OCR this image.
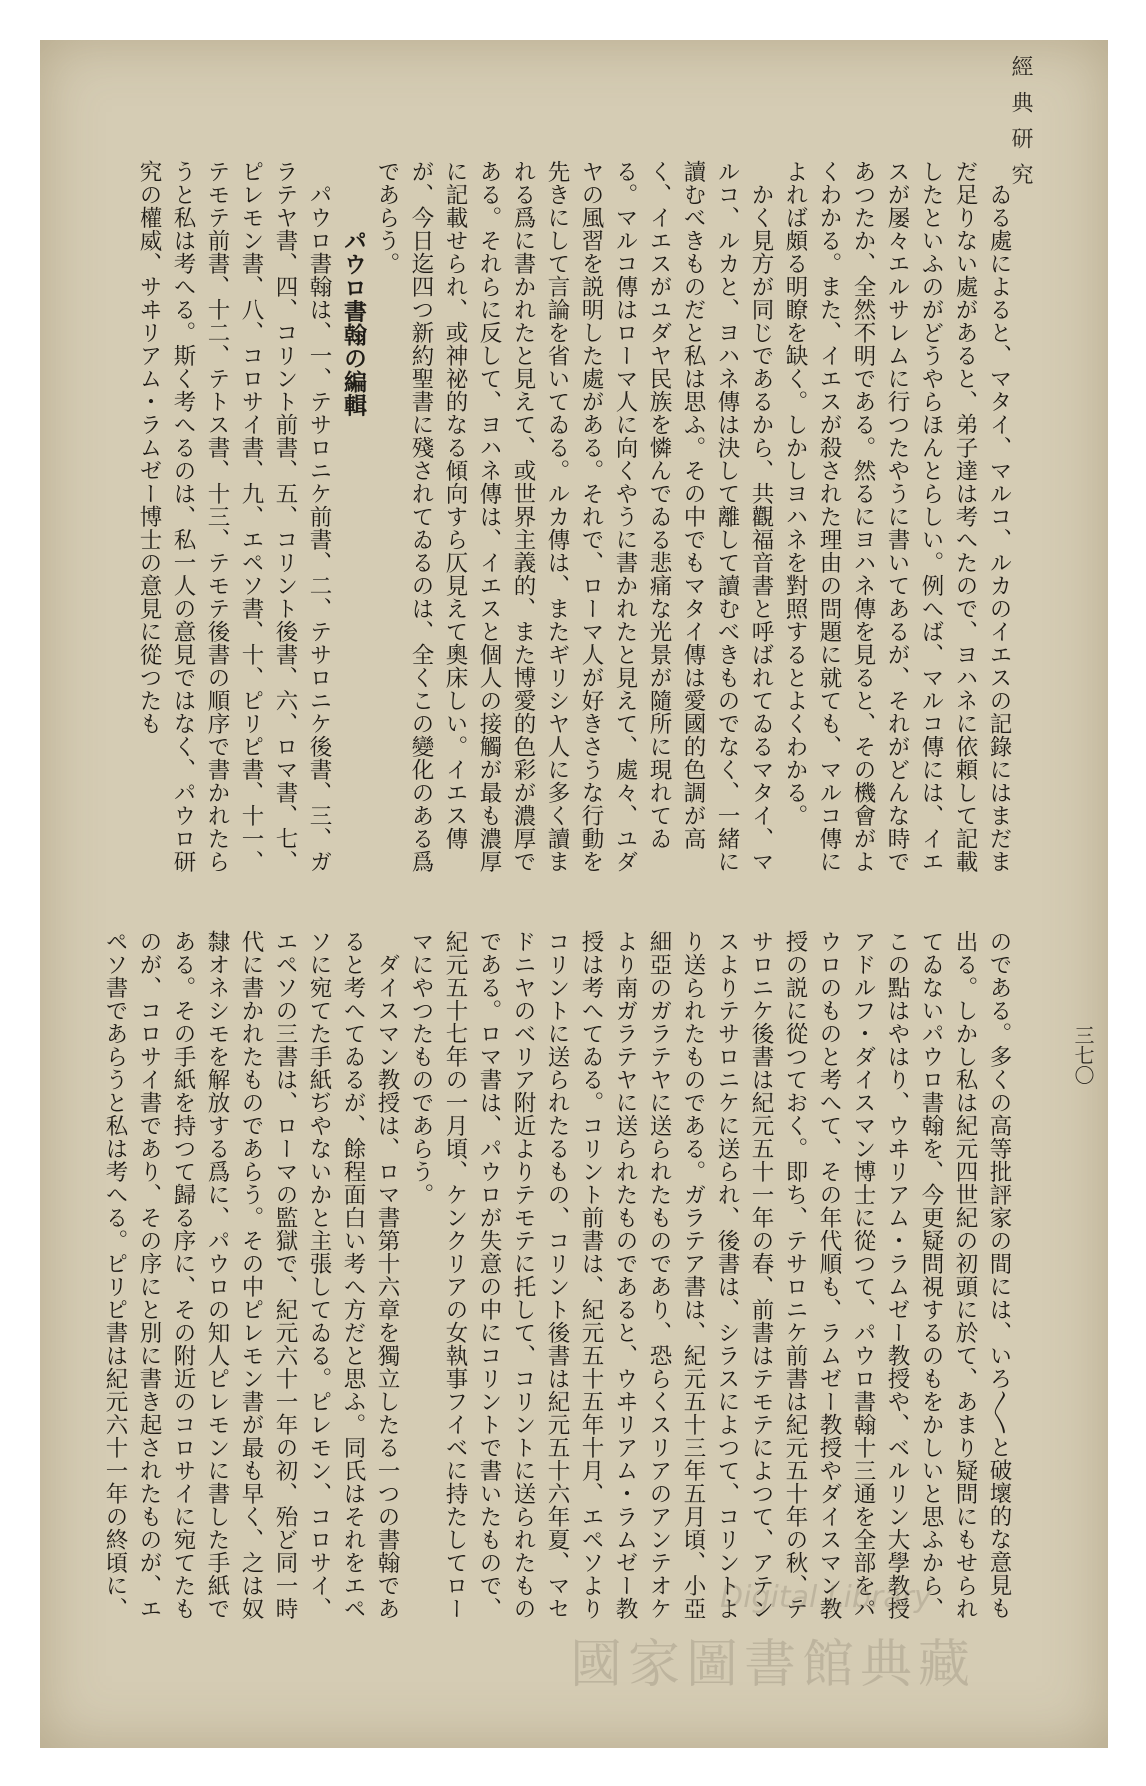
經典研究
ゐる處によると、マタイ、マルコ、ルカのイエスの記錄にはまだまだ足りない處があると、弟子達は考へたので、ヨハネに依頼して記載したといふのがどうやらほんとらしい。例へば、マルコ傳には、イエスが屡々エルサレムに行つたやうに書いてあるが、それがどんな時であつたか、全然不明である。然るにヨハネ傳を見ると、その機會がよくわかる。また、イエスが殺された理由の問題に就ても、マルコ傳によれば頗る明瞭を缺く。しかしヨハネを對照するとよくわかる。
かく見方が同じであるから、共觀福音書と呼ばれてゐるマタイ、マルコ、ルカと、ヨハネ傳は決して離して讀むべきものでなく、一緒に讀むべきものだと私は思ふ。その中でもマタイ傳は愛國的色調が高く、イエスがユダヤ民族を憐んでゐる悲痛な光景が隨所に現れてゐる。マルコ傳はローマ人に向くやうに書かれたと見えて、處々、ユダヤの風習を説明した處がある。それで、ローマ人が好きさうな行動を先きにして言論を省いてゐる。ルカ傳は、またギリシヤ人に多く讀まれる爲に書かれたと見えて、或世界主義的、また博愛的色彩が濃厚である。それらに反して、ヨハネ傳は、イエスと個人の接觸が最も濃厚に記載せられ、或神祕的なる傾向すら仄見えて奧床しい。イエス傳が、今日迄四つ新約聖書に殘されてゐるのは、全くこの變化のある爲であらう。
パウロ書翰の編輯
パウロ書翰は、一、テサロニケ前書、二、テサロニケ後書、三、ガラテヤ書、四、コリント前書、五、コリント後書、六、ロマ書、七、ピレモン書、八、コロサイ書、九、エペソ書、十、ピリピ書、十一、テモテ前書、十二、テトス書、十三、テモテ後書の順序で書かれたらうと私は考へる。斯く考へるのは、私一人の意見ではなく、パウロ研究の權威、サヰリアム・ラムゼー博士の意見に從つたも
のである。多くの高等批評家の間には、いろ〳〵と破壞的な意見も出る。しかし私は紀元四世紀の初頭に於て、あまり疑問にもせられてゐないパウロ書翰を、今更疑問視するのもをかしいと思ふから、この點はやはり、ウヰリアム・ラムゼー教授や、ベルリン大學教授アドルフ・ダイスマン博士に從つて、パウロ書翰十三通を全部をパウロのものと考へて、その年代順も、ラムゼー教授やダイスマン教授の説に從つておく。即ち、テサロニケ前書は紀元五十年の秋、テサロニケ後書は紀元五十一年の春、前書はテモテによつて、アテンスよりテサロニケに送られ、後書は、シラスによつて、コリントより送られたものである。ガラテア書は、紀元五十三年五月頃、小亞細亞のガラテヤに送られたものであり、恐らくスリアのアンテオケより南ガラテヤに送られたものであると、ウヰリアム・ラムゼー教授は考へてゐる。コリント前書は、紀元五十五年十月、エペソよりコリントに送られたるもの、コリント後書は紀元五十六年夏、マセドニヤのベリア附近よりテモテに托して、コリントに送られたものである。ロマ書は、パウロが失意の中にコリントで書いたもので、紀元五十七年の一月頃、ケンクリアの女執事フイベに持たしてローマにやつたものであらう。
ダイスマン教授は、ロマ書第十六章を獨立したる一つの書翰であると考へてゐるが、餘程面白い考へ方だと思ふ。同氏はそれをエペソに宛てた手紙ぢやないかと主張してゐる。ピレモン、コロサイ、エペソの三書は、ローマの監獄で、紀元六十一年の初、殆ど同一時代に書かれたものであらう。その中ピレモン書が最も早く、之は奴隸オネシモを解放する爲に、パウロの知人ピレモンに書した手紙である。その手紙を持つて歸る序に、その附近のコロサイに宛てたものが、コロサイ書であり、その序にと別に書き起されたものが、エペソ書であらうと私は考へる。ピリピ書は紀元六十一年の終頃に、	三七〇
Digital Library
國家圖書館典藏
